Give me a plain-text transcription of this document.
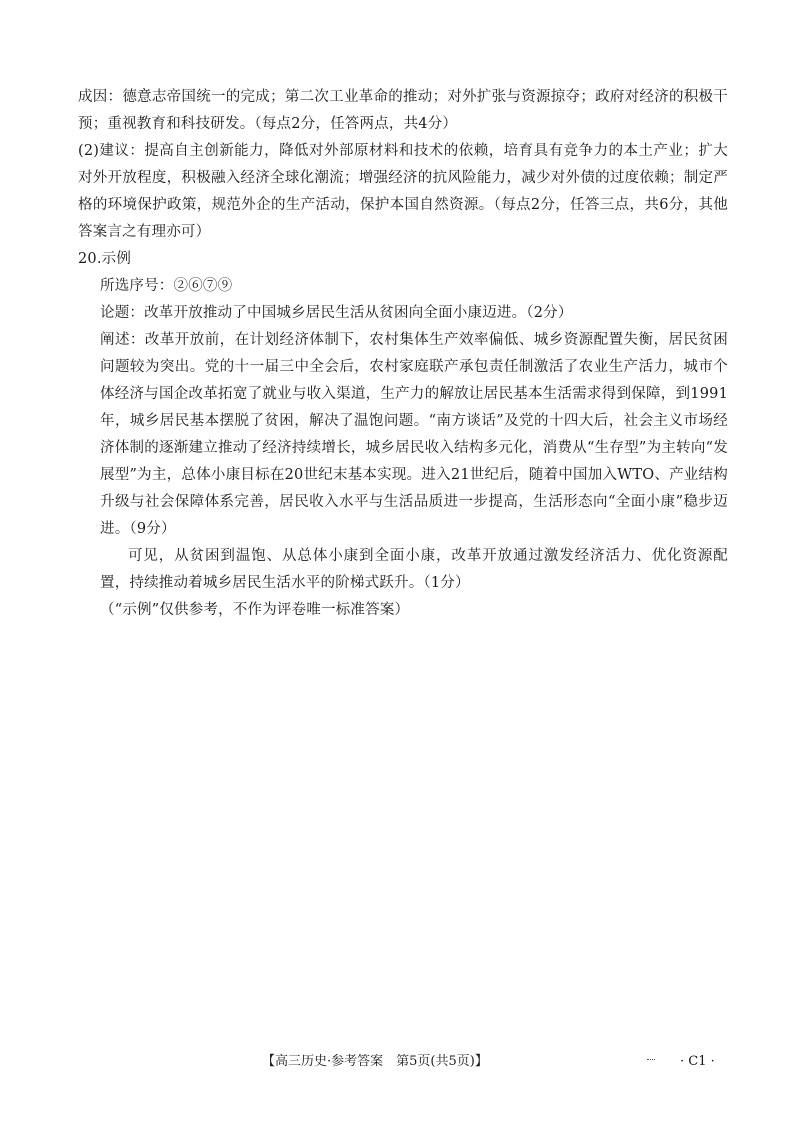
成因：德意志帝国统一的完成；第二次工业革命的推动；对外扩张与资源掠夺；政府对经济的积极干预；重视教育和科技研发。（每点2分，任答两点，共4分）

(2)建议：提高自主创新能力，降低对外部原材料和技术的依赖，培育具有竞争力的本土产业；扩大对外开放程度，积极融入经济全球化潮流；增强经济的抗风险能力，减少对外债的过度依赖；制定严格的环境保护政策，规范外企的生产活动，保护本国自然资源。（每点2分，任答三点，共6分，其他答案言之有理亦可）

20.示例

所选序号：②⑥⑦⑨

论题：改革开放推动了中国城乡居民生活从贫困向全面小康迈进。（2分）

阐述：改革开放前，在计划经济体制下，农村集体生产效率偏低、城乡资源配置失衡，居民贫困问题较为突出。党的十一届三中全会后，农村家庭联产承包责任制激活了农业生产活力，城市个体经济与国企改革拓宽了就业与收入渠道，生产力的解放让居民基本生活需求得到保障，到1991年，城乡居民基本摆脱了贫困，解决了温饱问题。“南方谈话”及党的十四大后，社会主义市场经济体制的逐渐建立推动了经济持续增长，城乡居民收入结构多元化，消费从“生存型”为主转向“发展型”为主，总体小康目标在20世纪末基本实现。进入21世纪后，随着中国加入WTO、产业结构升级与社会保障体系完善，居民收入水平与生活品质进一步提高，生活形态向“全面小康”稳步迈进。（9分）

可见，从贫困到温饱、从总体小康到全面小康，改革开放通过激发经济活力、优化资源配置，持续推动着城乡居民生活水平的阶梯式跃升。（1分）

（“示例”仅供参考，不作为评卷唯一标准答案）

【高三历史·参考答案　第5页(共5页)】	· C1 ·
